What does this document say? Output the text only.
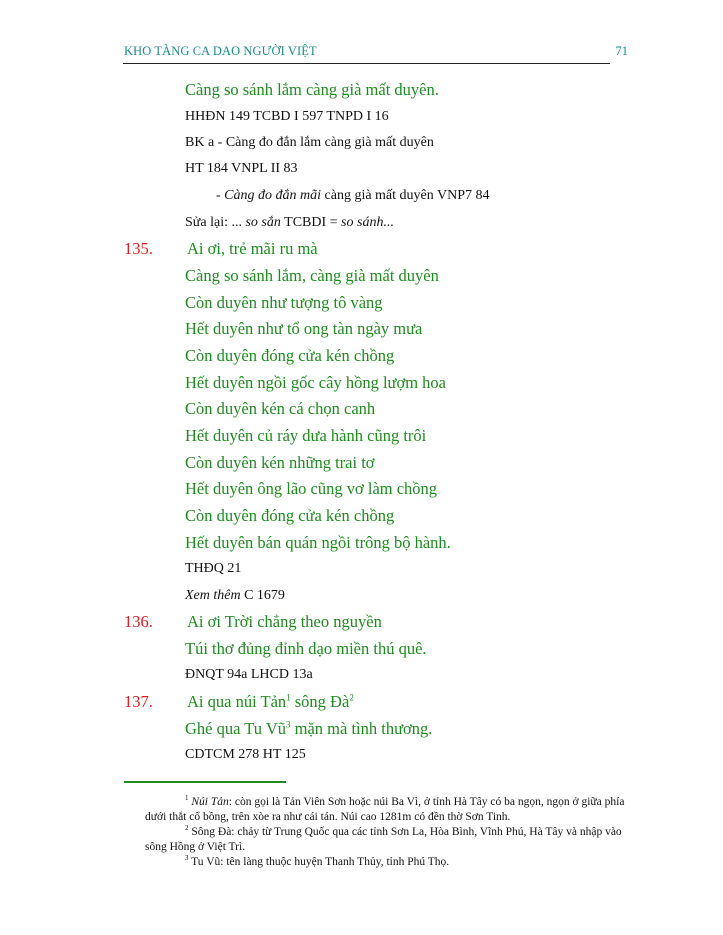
KHO TÀNG CA DAO NGƯỜI VIỆT	71
Càng so sánh lắm càng già mất duyên.
HHĐN 149 TCBD I 597 TNPD I 16
BK a - Càng đo đắn lắm càng già mất duyên
HT 184 VNPL II 83
- Càng đo đắn mãi càng già mất duyên VNP7 84
Sửa lại: ... so sắn TCBDI = so sánh...
135. Ai ơi, trẻ mãi ru mà
Càng so sánh lắm, càng già mất duyên
Còn duyên như tượng tô vàng
Hết duyên như tổ ong tàn ngày mưa
Còn duyên đóng cửa kén chồng
Hết duyên ngồi gốc cây hồng lượm hoa
Còn duyên kén cá chọn canh
Hết duyên củ ráy dưa hành cũng trôi
Còn duyên kén những trai tơ
Hết duyên ông lão cũng vơ làm chồng
Còn duyên đóng cửa kén chồng
Hết duyên bán quán ngồi trông bộ hành.
THĐQ 21
Xem thêm C 1679
136. Ai ơi Trời chẳng theo nguyền
Túi thơ đủng đỉnh dạo miền thú quê.
ĐNQT 94a LHCD 13a
137. Ai qua núi Tản$^1$ sông $Đà^2$
Ghé qua Tu $Vũ^3$ mặn mà tình thương.
CDTCM 278 HT 125
$^1$ Núi Tản: còn gọi là Tản Viên Sơn hoặc núi Ba Vì, ở tỉnh Hà Tây có ba ngọn, ngọn ở giữa phía dưới thắt cổ bồng, trên xòe ra như cái tán. Núi cao 1281m có đền thờ Sơn Tinh.
$^2$ Sông Đà: chảy từ Trung Quốc qua các tỉnh Sơn La, Hòa Bình, Vĩnh Phú, Hà Tây và nhập vào sông Hồng ở Việt Trì.
$^3$ Tu Vũ: tên làng thuộc huyện Thanh Thủy, tỉnh Phú Thọ.
